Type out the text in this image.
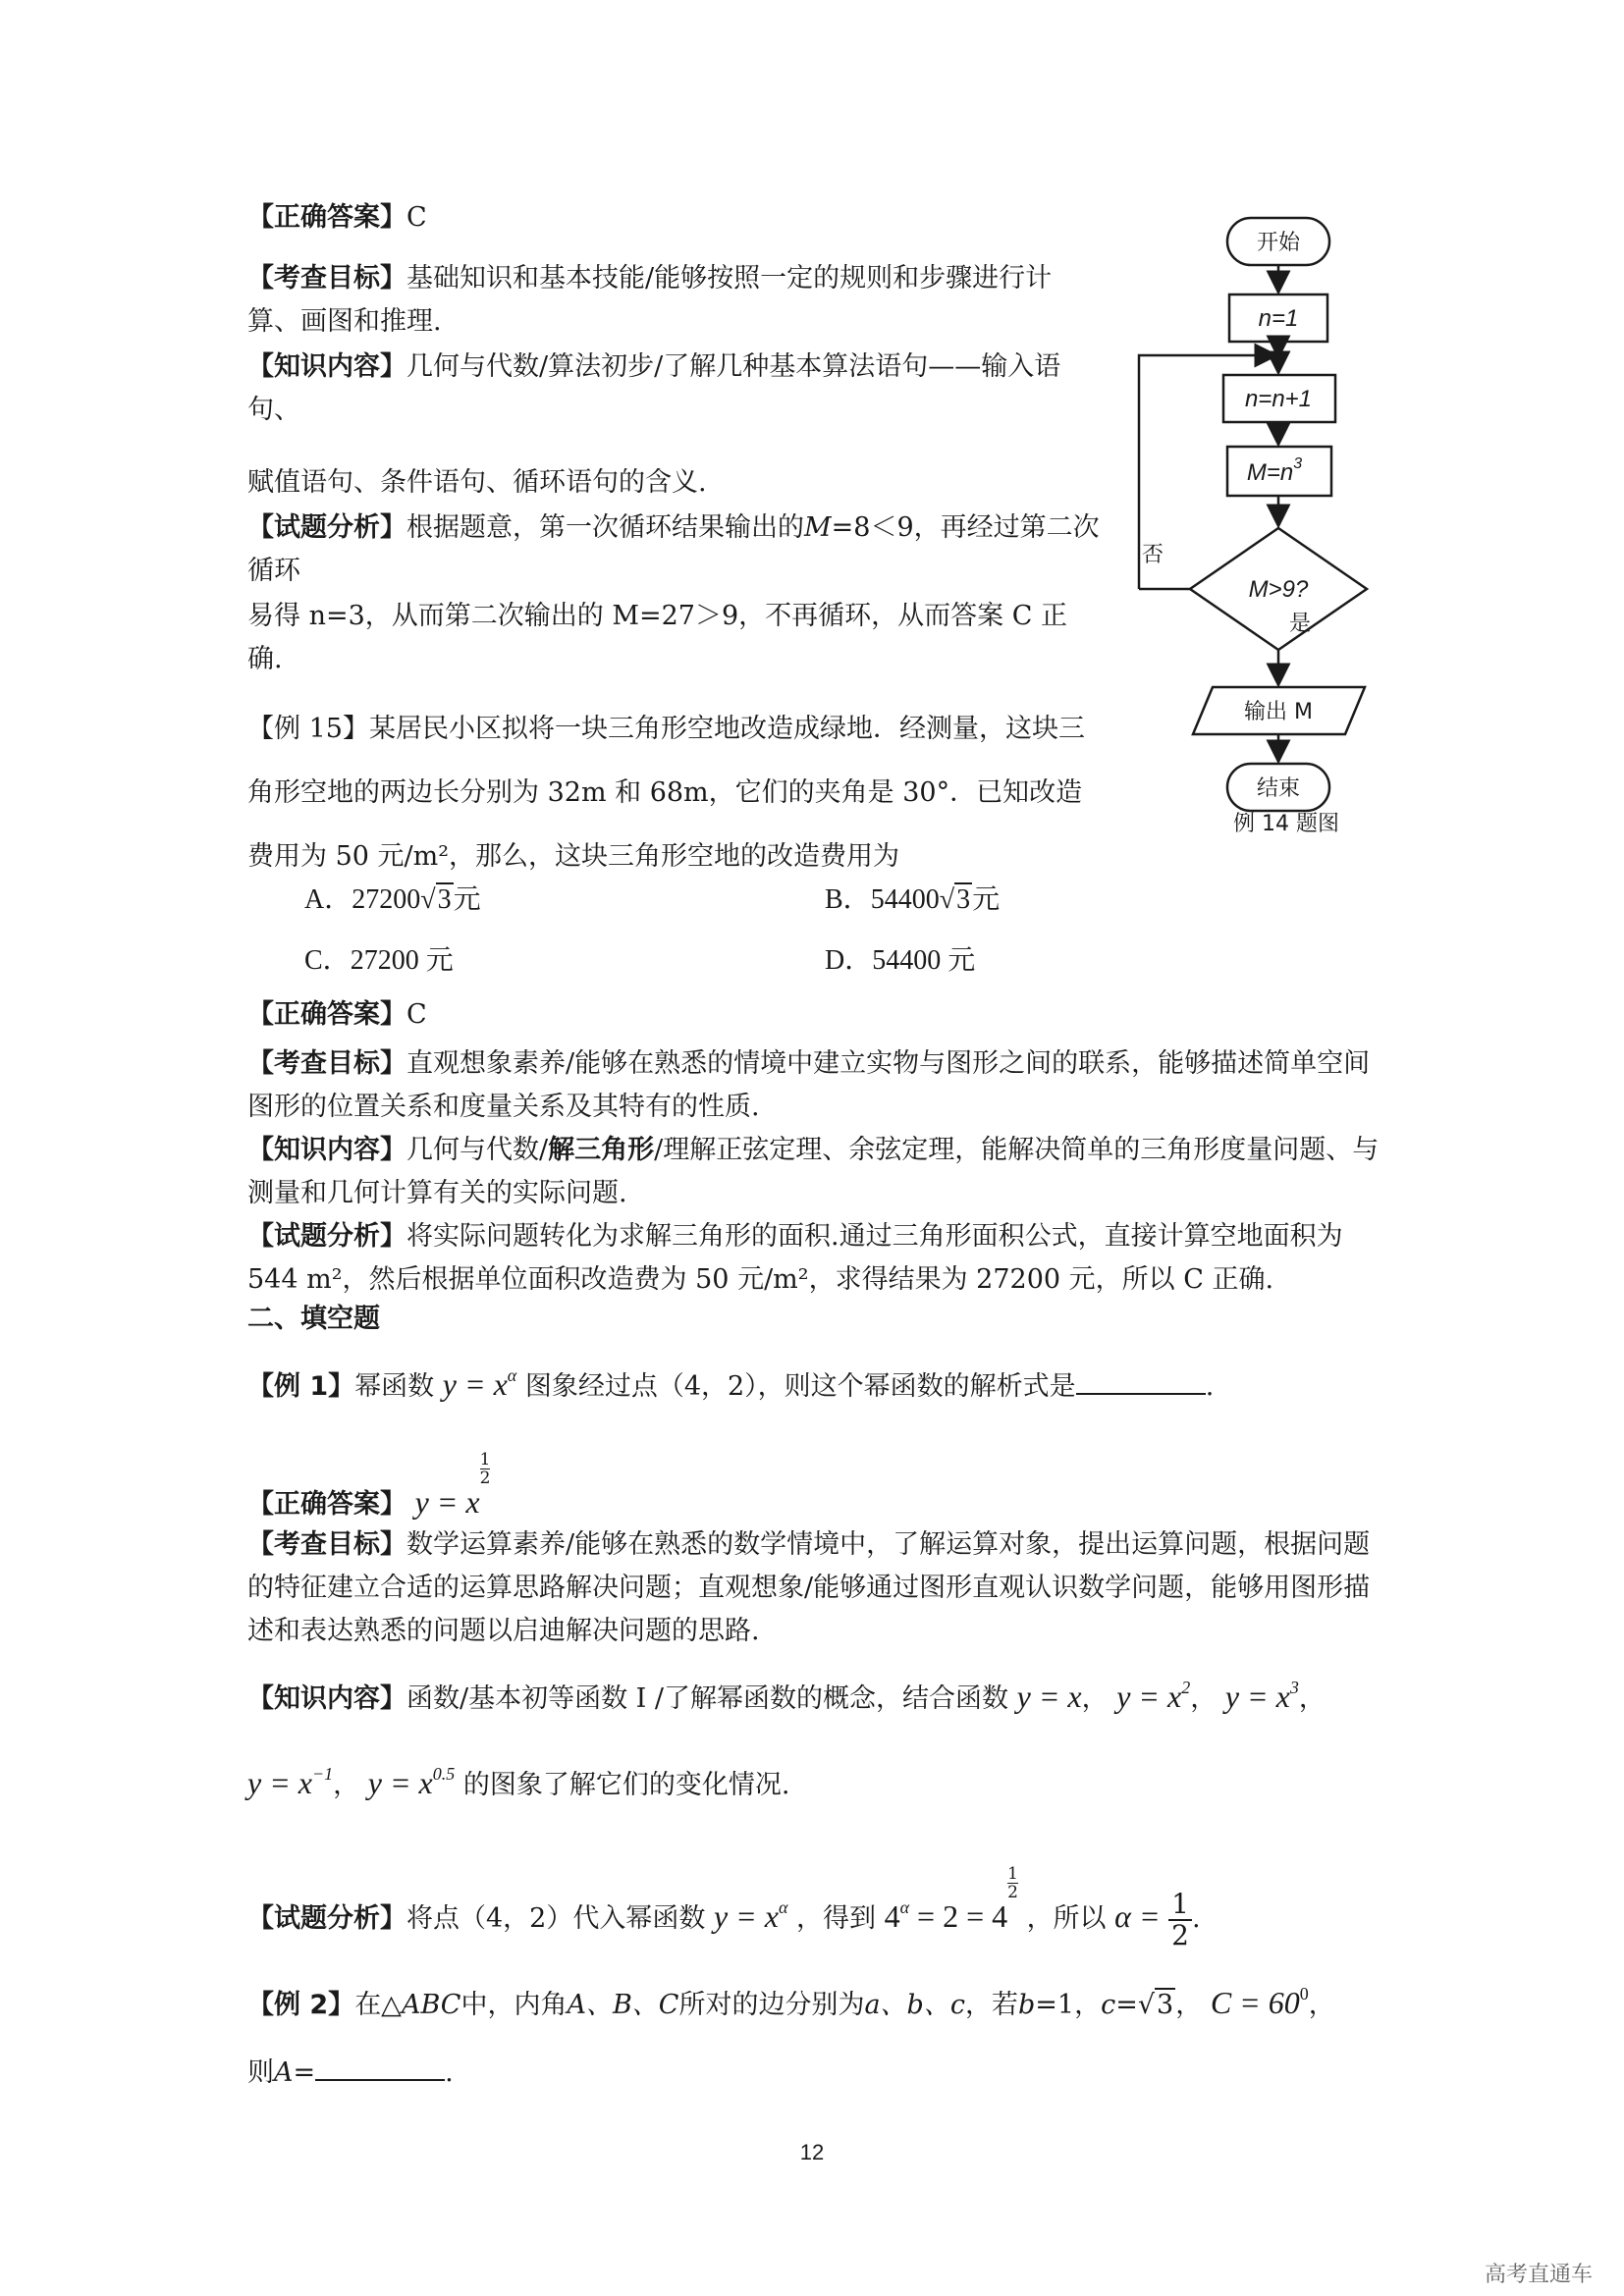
【正确答案】C
【考查目标】基础知识和基本技能/能够按照一定的规则和步骤进行计算、画图和推理.
【知识内容】几何与代数/算法初步/了解几种基本算法语句——输入语句、
赋值语句、条件语句、循环语句的含义.
【试题分析】根据题意，第一次循环结果输出的M=8＜9，再经过第二次循环
易得 n=3，从而第二次输出的 M=27＞9，不再循环，从而答案 C 正确.
开始
n=1
n=n+1
$M=n^3$
M>9?
否
是
输出 M
结束
例 14 题图
【例 15】某居民小区拟将一块三角形空地改造成绿地．经测量，这块三角形空地的两边长分别为 32m 和 68m，它们的夹角是 30°．已知改造费用为 50 元/m²，那么，这块三角形空地的改造费用为
A．27200√3元	B．54400√3元
C．27200 元	D．54400 元
【正确答案】C
【考查目标】直观想象素养/能够在熟悉的情境中建立实物与图形之间的联系，能够描述简单空间图形的位置关系和度量关系及其特有的性质.
【知识内容】几何与代数/解三角形/理解正弦定理、余弦定理，能解决简单的三角形度量问题、与测量和几何计算有关的实际问题.
【试题分析】将实际问题转化为求解三角形的面积.通过三角形面积公式，直接计算空地面积为 544 m²，然后根据单位面积改造费为 50 元/m²，求得结果为 27200 元，所以 C 正确.
二、填空题
【例 1】幂函数 $y = x^\alpha$ 图象经过点（4，2），则这个幂函数的解析式是	.
【正确答案】 y = x
$\frac{1}{2}$
【考查目标】数学运算素养/能够在熟悉的数学情境中，了解运算对象，提出运算问题，根据问题的特征建立合适的运算思路解决问题；直观想象/能够通过图形直观认识数学问题，能够用图形描述和表达熟悉的问题以启迪解决问题的思路.
【知识内容】函数/基本初等函数 I /了解幂函数的概念，结合函数 y = x， $y = x^2$， $y = x^3$，
$y = x^{-1}$， $y = x^{0.5}$ 的图象了解它们的变化情况.
【试题分析】将点（4，2）代入幂函数 $y = x^\alpha$ ，得到 $4^\alpha = 2 = 4$
$\frac{1}{2}$ ，所以 $\alpha = \frac{1}{2}$ .
【例 2】在△ABC中，内角A、B、C所对的边分别为a、b、c，若b=1，c=√3， $C = 60^0$，
则A=	.
12
高考直通车
